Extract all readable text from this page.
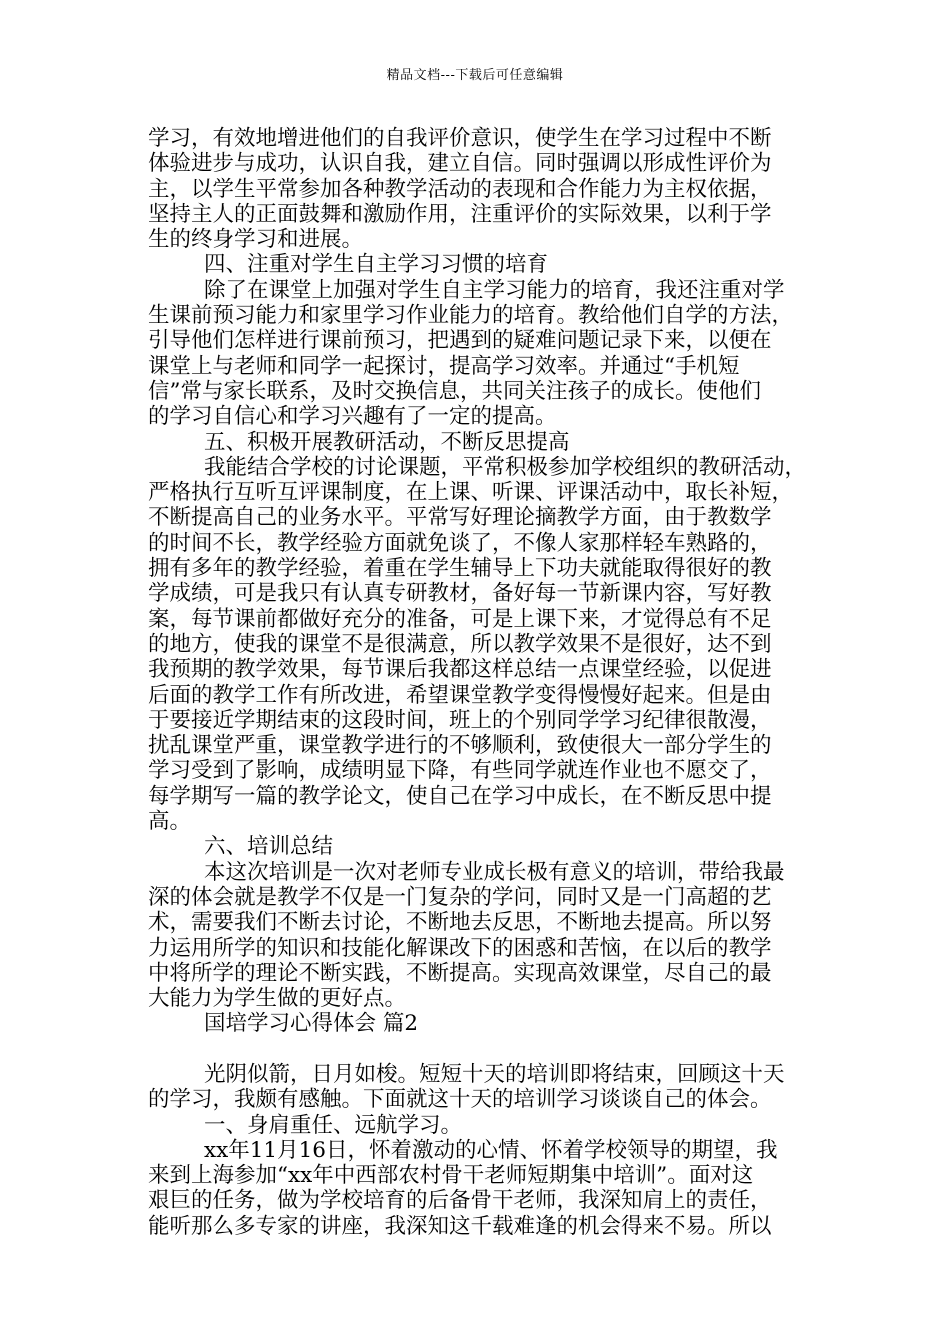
精品文档---下载后可任意编辑
学习，有效地增进他们的自我评价意识，使学生在学习过程中不断
体验进步与成功，认识自我，建立自信。同时强调以形成性评价为
主，以学生平常参加各种教学活动的表现和合作能力为主权依据，
坚持主人的正面鼓舞和激励作用，注重评价的实际效果，以利于学
生的终身学习和进展。
四、注重对学生自主学习习惯的培育
除了在课堂上加强对学生自主学习能力的培育，我还注重对学
生课前预习能力和家里学习作业能力的培育。教给他们自学的方法，
引导他们怎样进行课前预习，把遇到的疑难问题记录下来，以便在
课堂上与老师和同学一起探讨，提高学习效率。并通过“手机短
信”常与家长联系，及时交换信息，共同关注孩子的成长。使他们
的学习自信心和学习兴趣有了一定的提高。
五、积极开展教研活动，不断反思提高
我能结合学校的讨论课题，平常积极参加学校组织的教研活动，
严格执行互听互评课制度，在上课、听课、评课活动中，取长补短，
不断提高自己的业务水平。平常写好理论摘教学方面，由于教数学
的时间不长，教学经验方面就免谈了，不像人家那样轻车熟路的，
拥有多年的教学经验，着重在学生辅导上下功夫就能取得很好的教
学成绩，可是我只有认真专研教材，备好每一节新课内容，写好教
案，每节课前都做好充分的准备，可是上课下来，才觉得总有不足
的地方，使我的课堂不是很满意，所以教学效果不是很好，达不到
我预期的教学效果，每节课后我都这样总结一点课堂经验，以促进
后面的教学工作有所改进，希望课堂教学变得慢慢好起来。但是由
于要接近学期结束的这段时间，班上的个别同学学习纪律很散漫，
扰乱课堂严重，课堂教学进行的不够顺利，致使很大一部分学生的
学习受到了影响，成绩明显下降，有些同学就连作业也不愿交了，
每学期写一篇的教学论文，使自己在学习中成长，在不断反思中提
高。
六、培训总结
本这次培训是一次对老师专业成长极有意义的培训，带给我最
深的体会就是教学不仅是一门复杂的学问，同时又是一门高超的艺
术，需要我们不断去讨论，不断地去反思，不断地去提高。所以努
力运用所学的知识和技能化解课改下的困惑和苦恼，在以后的教学
中将所学的理论不断实践，不断提高。实现高效课堂，尽自己的最
大能力为学生做的更好点。
国培学习心得体会 篇2
光阴似箭，日月如梭。短短十天的培训即将结束，回顾这十天
的学习，我颇有感触。下面就这十天的培训学习谈谈自己的体会。
一、身肩重任、远航学习。
xx年11月16日，怀着激动的心情、怀着学校领导的期望，我
来到上海参加“xx年中西部农村骨干老师短期集中培训”。面对这
艰巨的任务，做为学校培育的后备骨干老师，我深知肩上的责任，
能听那么多专家的讲座，我深知这千载难逢的机会得来不易。所以
